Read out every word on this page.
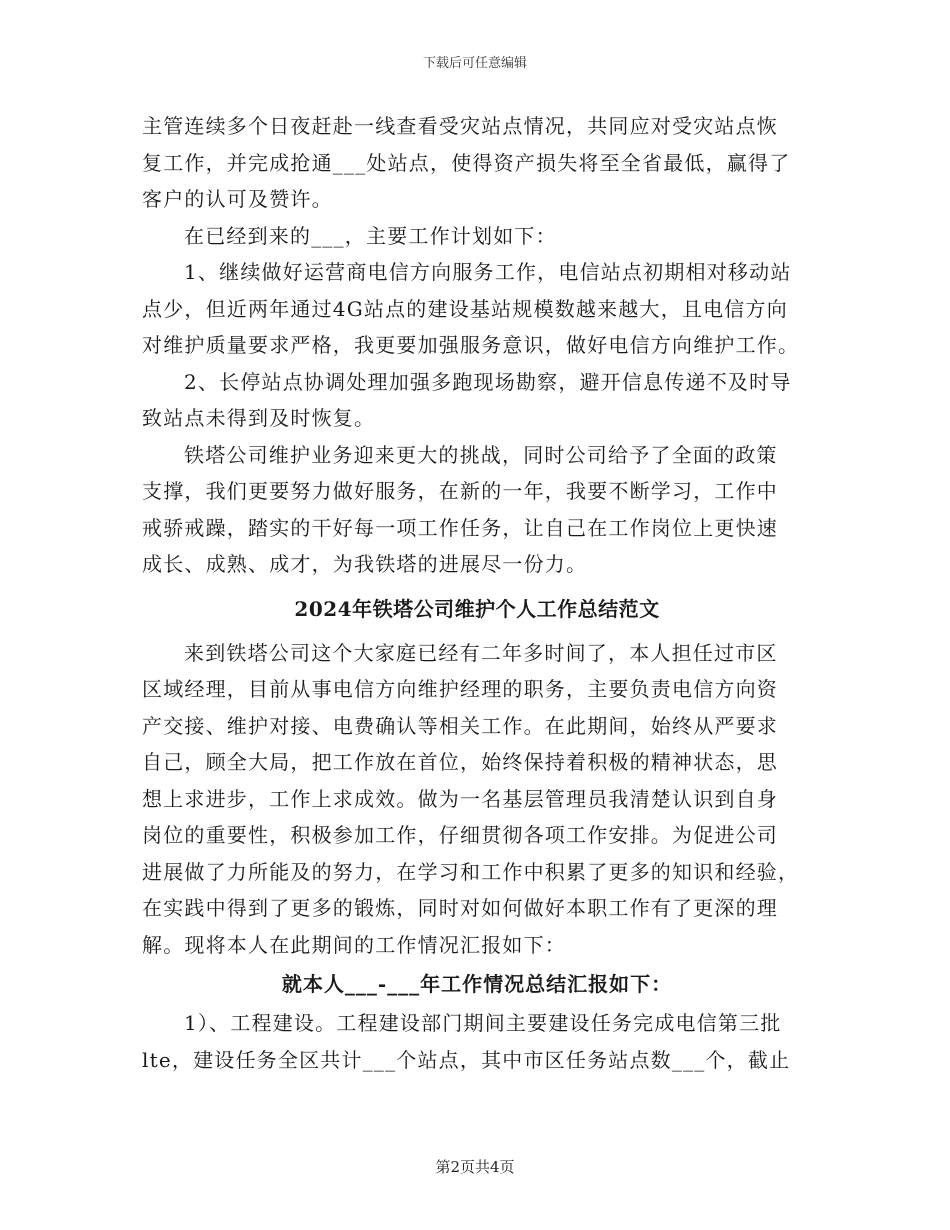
下载后可任意编辑
主管连续多个日夜赶赴一线查看受灾站点情况，共同应对受灾站点恢
复工作，并完成抢通___处站点，使得资产损失将至全省最低，赢得了
客户的认可及赞许。
在已经到来的___，主要工作计划如下：
1、继续做好运营商电信方向服务工作，电信站点初期相对移动站
点少，但近两年通过4G站点的建设基站规模数越来越大，且电信方向
对维护质量要求严格，我更要加强服务意识，做好电信方向维护工作。
2、长停站点协调处理加强多跑现场勘察，避开信息传递不及时导
致站点未得到及时恢复。
铁塔公司维护业务迎来更大的挑战，同时公司给予了全面的政策
支撑，我们更要努力做好服务，在新的一年，我要不断学习，工作中
戒骄戒躁，踏实的干好每一项工作任务，让自己在工作岗位上更快速
成长、成熟、成才，为我铁塔的进展尽一份力。
2024年铁塔公司维护个人工作总结范文
来到铁塔公司这个大家庭已经有二年多时间了，本人担任过市区
区域经理，目前从事电信方向维护经理的职务，主要负责电信方向资
产交接、维护对接、电费确认等相关工作。在此期间，始终从严要求
自己，顾全大局，把工作放在首位，始终保持着积极的精神状态，思
想上求进步，工作上求成效。做为一名基层管理员我清楚认识到自身
岗位的重要性，积极参加工作，仔细贯彻各项工作安排。为促进公司
进展做了力所能及的努力，在学习和工作中积累了更多的知识和经验，
在实践中得到了更多的锻炼，同时对如何做好本职工作有了更深的理
解。现将本人在此期间的工作情况汇报如下：
就本人___-___年工作情况总结汇报如下：
1）、工程建设。工程建设部门期间主要建设任务完成电信第三批
lte，建设任务全区共计___个站点，其中市区任务站点数___个，截止
第2页共4页
